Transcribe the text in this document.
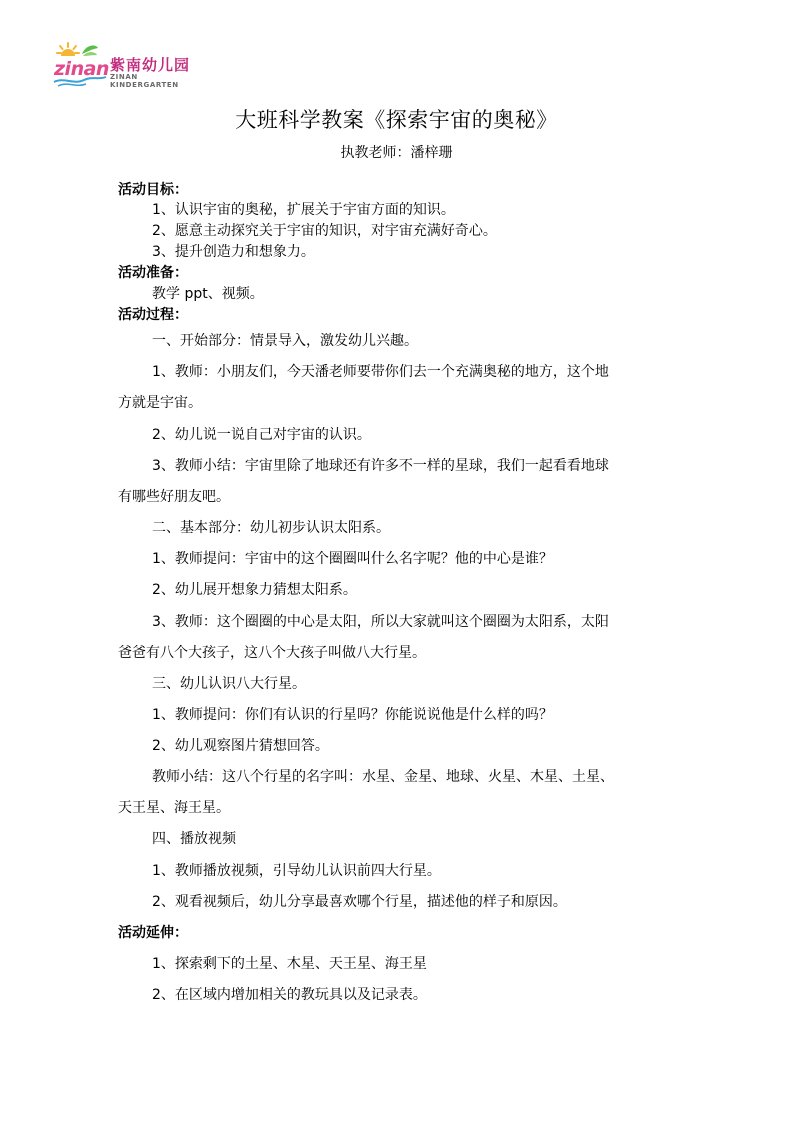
zinan 紫南幼儿园
ZINAN KINDERGARTEN
大班科学教案《探索宇宙的奥秘》
执教老师：潘梓珊
活动目标：
1、认识宇宙的奥秘，扩展关于宇宙方面的知识。
2、愿意主动探究关于宇宙的知识，对宇宙充满好奇心。
3、提升创造力和想象力。
活动准备：
教学 ppt、视频。
活动过程：
一、开始部分：情景导入，激发幼儿兴趣。
1、教师：小朋友们，今天潘老师要带你们去一个充满奥秘的地方，这个地
方就是宇宙。
2、幼儿说一说自己对宇宙的认识。
3、教师小结：宇宙里除了地球还有许多不一样的星球，我们一起看看地球
有哪些好朋友吧。
二、基本部分：幼儿初步认识太阳系。
1、教师提问：宇宙中的这个圈圈叫什么名字呢？他的中心是谁？
2、幼儿展开想象力猜想太阳系。
3、教师：这个圈圈的中心是太阳，所以大家就叫这个圈圈为太阳系，太阳
爸爸有八个大孩子，这八个大孩子叫做八大行星。
三、幼儿认识八大行星。
1、教师提问：你们有认识的行星吗？你能说说他是什么样的吗？
2、幼儿观察图片猜想回答。
教师小结：这八个行星的名字叫：水星、金星、地球、火星、木星、土星、
天王星、海王星。
四、播放视频
1、教师播放视频，引导幼儿认识前四大行星。
2、观看视频后，幼儿分享最喜欢哪个行星，描述他的样子和原因。
活动延伸：
1、探索剩下的土星、木星、天王星、海王星
2、在区域内增加相关的教玩具以及记录表。
